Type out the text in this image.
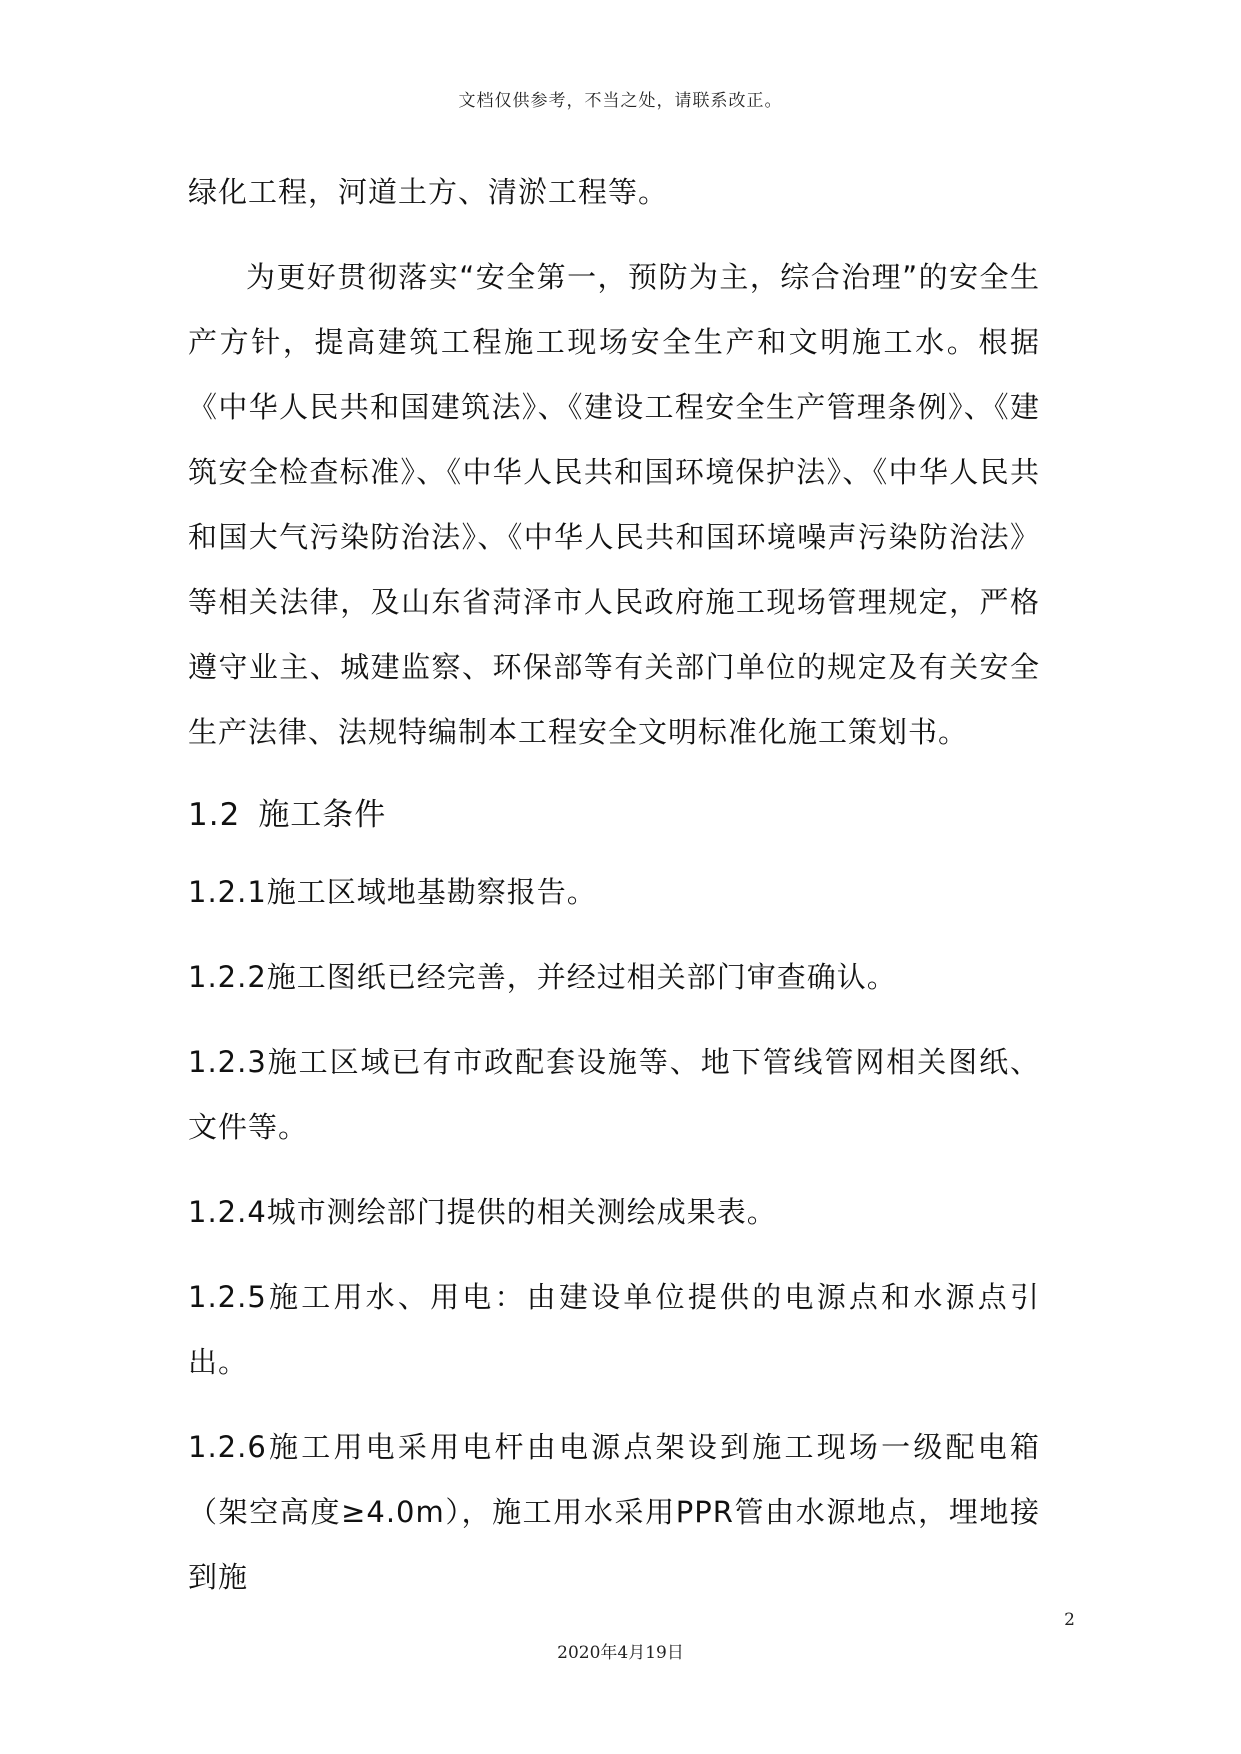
文档仅供参考，不当之处，请联系改正。

绿化工程，河道土方、清淤工程等。

为更好贯彻落实“安全第一，预防为主，综合治理”的安全生产方针，提高建筑工程施工现场安全生产和文明施工水。根据《中华人民共和国建筑法》、《建设工程安全生产管理条例》、《建筑安全检查标准》、《中华人民共和国环境保护法》、《中华人民共和国大气污染防治法》、《中华人民共和国环境噪声污染防治法》等相关法律，及山东省菏泽市人民政府施工现场管理规定，严格遵守业主、城建监察、环保部等有关部门单位的规定及有关安全生产法律、法规特编制本工程安全文明标准化施工策划书。

1.2 施工条件

1.2.1施工区域地基勘察报告。

1.2.2施工图纸已经完善，并经过相关部门审查确认。

1.2.3施工区域已有市政配套设施等、地下管线管网相关图纸、文件等。

1.2.4城市测绘部门提供的相关测绘成果表。

1.2.5施工用水、用电：由建设单位提供的电源点和水源点引出。

1.2.6施工用电采用电杆由电源点架设到施工现场一级配电箱（架空高度≥4.0m），施工用水采用PPR管由水源地点，埋地接到施

2
2020年4月19日
